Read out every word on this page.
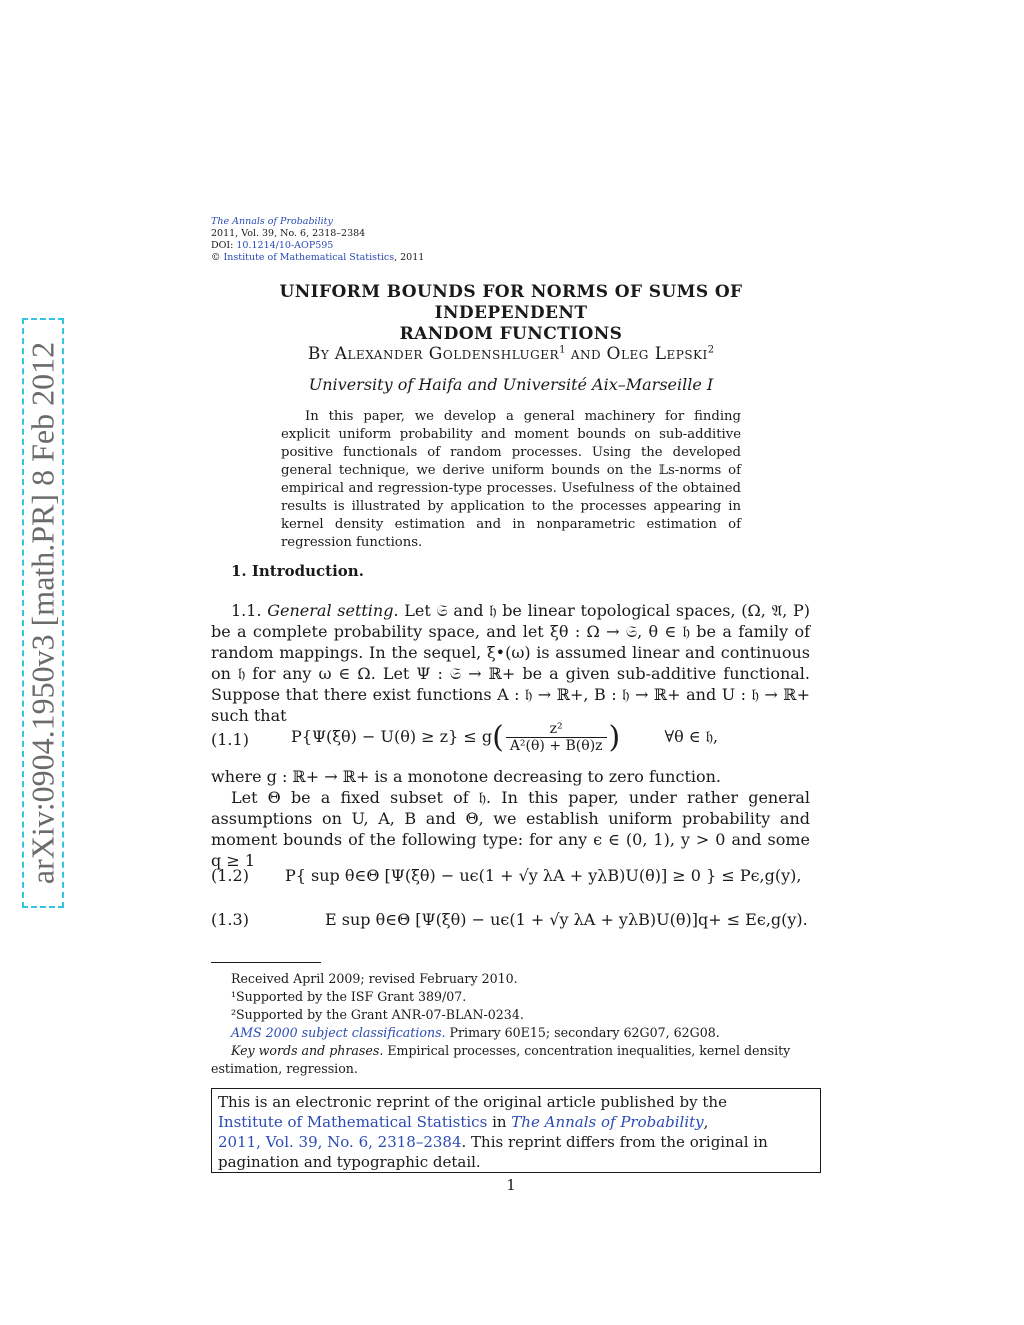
arXiv:0904.1950v3 [math.PR] 8 Feb 2012
The Annals of Probability
2011, Vol. 39, No. 6, 2318–2384
DOI: 10.1214/10-AOP595
© Institute of Mathematical Statistics, 2011
UNIFORM BOUNDS FOR NORMS OF SUMS OF INDEPENDENT
RANDOM FUNCTIONS
By Alexander Goldenshluger$^1$ and Oleg Lepski$^2$
University of Haifa and Université Aix–Marseille I
In this paper, we develop a general machinery for finding explicit uniform probability and moment bounds on sub-additive positive functionals of random processes. Using the developed general technique, we derive uniform bounds on the 𝕃s-norms of empirical and regression-type processes. Usefulness of the obtained results is illustrated by application to the processes appearing in kernel density estimation and in nonparametric estimation of regression functions.
1. Introduction.
1.1. General setting. Let 𝔖 and 𝔥 be linear topological spaces, (Ω, 𝔄, P) be a complete probability space, and let ξθ : Ω → 𝔖, θ ∈ 𝔥 be a family of random mappings. In the sequel, ξ•(ω) is assumed linear and continuous on 𝔥 for any ω ∈ Ω. Let Ψ : 𝔖 → ℝ+ be a given sub-additive functional. Suppose that there exist functions A : 𝔥 → ℝ+, B : 𝔥 → ℝ+ and U : 𝔥 → ℝ+ such that
(1.1)	$P\{\Psi(\xi\theta) - U(\theta) \ge z\} \le g( \frac{\text{z²}}{\text{A²(θ) + B(θ)z}}$ )	∀θ ∈ 𝔥,
where g : ℝ+ → ℝ+ is a monotone decreasing to zero function.
Let Θ be a fixed subset of 𝔥. In this paper, under rather general assumptions on U, A, B and Θ, we establish uniform probability and moment bounds of the following type: for any ϵ ∈ (0, 1), y > 0 and some q ≥ 1
(1.2) P{ sup θ∈Θ [Ψ(ξθ) − uϵ(1 + √y λA + yλB)U(θ)] ≥ 0 } ≤ Pϵ,g(y),
(1.3)	E sup θ∈Θ [Ψ(ξθ) − uϵ(1 + √y λA + yλB)U(θ)]q+ ≤ Eϵ,g(y).
Received April 2009; revised February 2010.
¹Supported by the ISF Grant 389/07.
²Supported by the Grant ANR-07-BLAN-0234.
AMS 2000 subject classifications. Primary 60E15; secondary 62G07, 62G08.
Key words and phrases. Empirical processes, concentration inequalities, kernel density estimation, regression.
This is an electronic reprint of the original article published by the
Institute of Mathematical Statistics in The Annals of Probability,
2011, Vol. 39, No. 6, 2318–2384. This reprint differs from the original in
pagination and typographic detail.
1
